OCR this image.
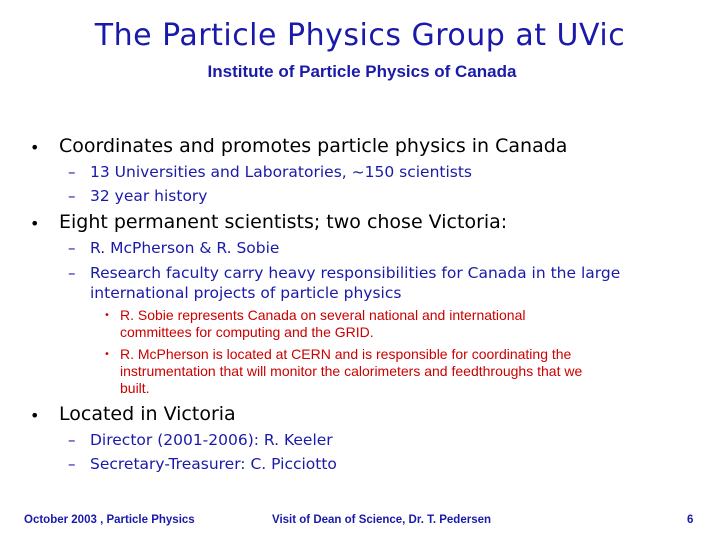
The Particle Physics Group at UVic
Institute of Particle Physics of Canada
• Coordinates and promotes particle physics in Canada
– 13 Universities and Laboratories, ~150 scientists
– 32 year history
• Eight permanent scientists; two chose Victoria:
– R. McPherson & R. Sobie
– Research faculty carry heavy responsibilities for Canada in the large
international projects of particle physics
• R. Sobie represents Canada on several national and international
committees for computing and the GRID.
• R. McPherson is located at CERN and is responsible for coordinating the
instrumentation that will monitor the calorimeters and feedthroughs that we
built.
• Located in Victoria
– Director (2001-2006): R. Keeler
– Secretary-Treasurer: C. Picciotto
October 2003 , Particle Physics	Visit of Dean of Science, Dr. T. Pedersen	6
